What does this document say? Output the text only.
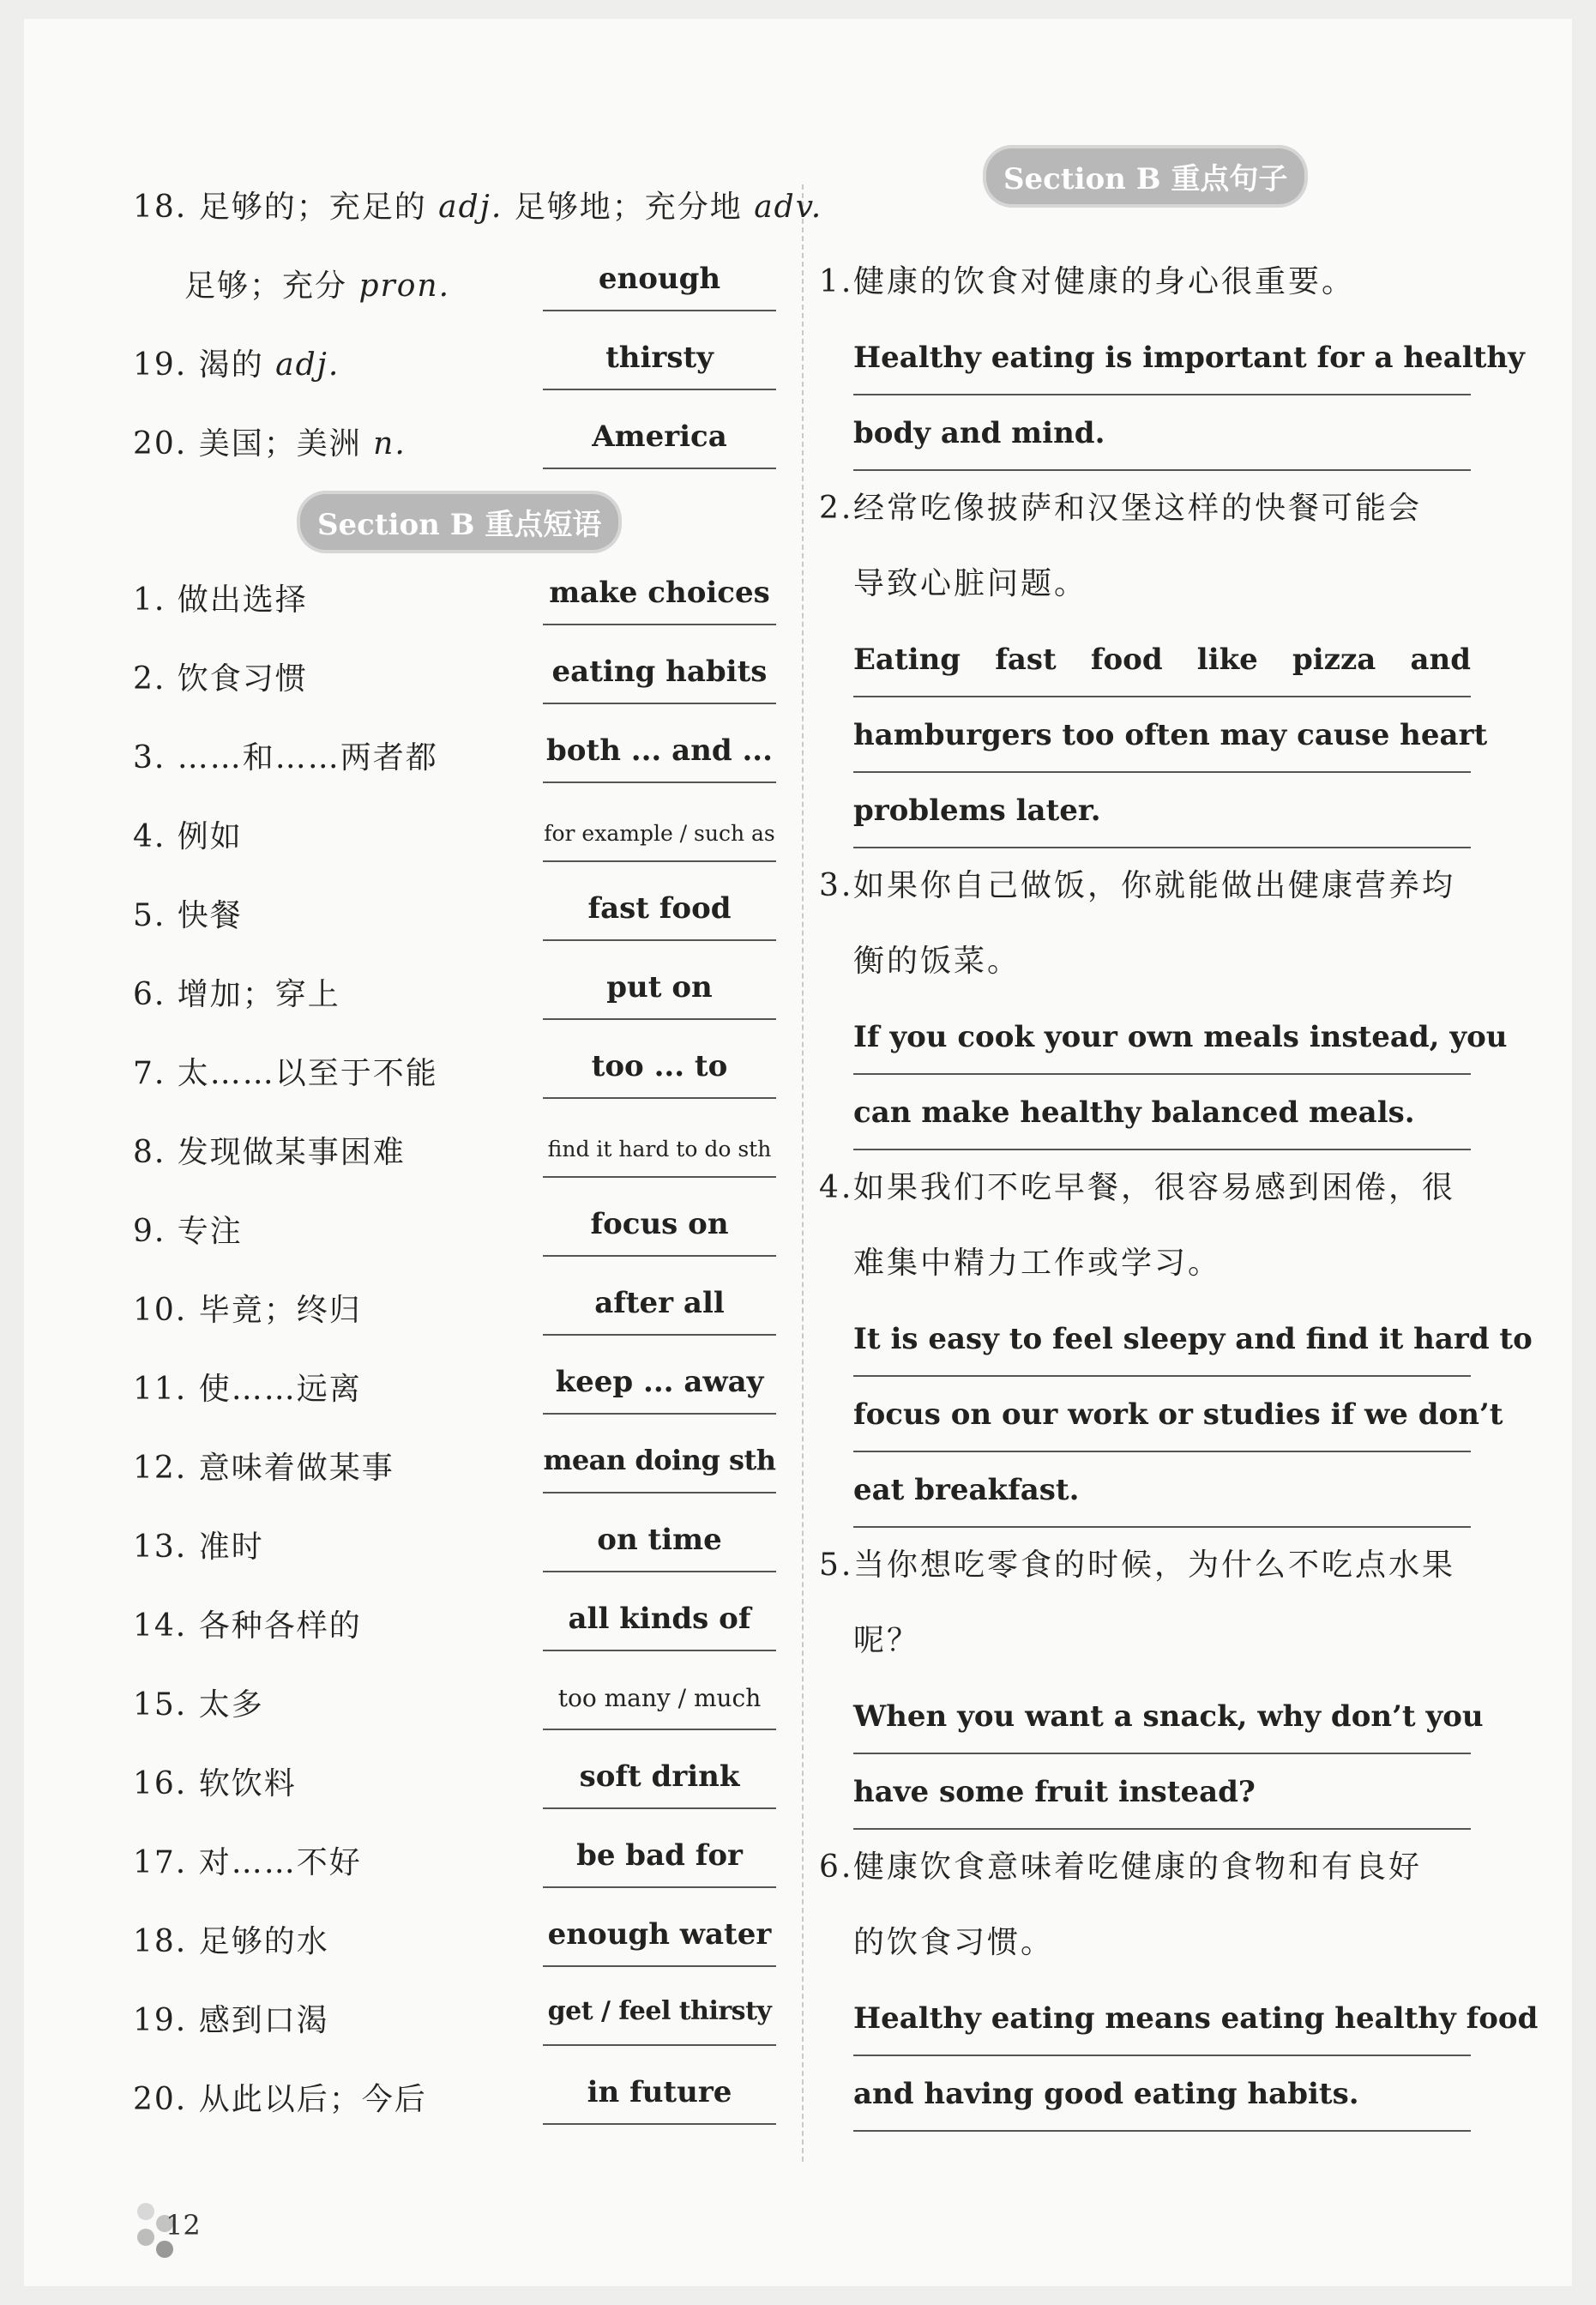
18. 足够的；充足的 adj. 足够地；充分地 adv.
足够；充分 pron.	enough
19. 渴的 adj.	thirsty
20. 美国；美洲 n.	America
Section B 重点短语
1. 做出选择	make choices
2. 饮食习惯	eating habits
3. ……和……两者都	both ... and ...
4. 例如	for example / such as
5. 快餐	fast food
6. 增加；穿上	put on
7. 太……以至于不能	too ... to
8. 发现做某事困难	find it hard to do sth
9. 专注	focus on
10. 毕竟；终归	after all
11. 使……远离	keep ... away
12. 意味着做某事	mean doing sth
13. 准时	on time
14. 各种各样的	all kinds of
15. 太多	too many / much
16. 软饮料	soft drink
17. 对……不好	be bad for
18. 足够的水	enough water
19. 感到口渴	get / feel thirsty
20. 从此以后；今后	in future
Section B 重点句子
1.健康的饮食对健康的身心很重要。
Healthy eating is important for a healthy
body and mind.
2.经常吃像披萨和汉堡这样的快餐可能会
导致心脏问题。
Eating fast food like pizza and
hamburgers too often may cause heart
problems later.
3.如果你自己做饭，你就能做出健康营养均
衡的饭菜。
If you cook your own meals instead, you
can make healthy balanced meals.
4.如果我们不吃早餐，很容易感到困倦，很
难集中精力工作或学习。
It is easy to feel sleepy and find it hard to
focus on our work or studies if we don’t
eat breakfast.
5.当你想吃零食的时候，为什么不吃点水果
呢？
When you want a snack, why don’t you
have some fruit instead?
6.健康饮食意味着吃健康的食物和有良好
的饮食习惯。
Healthy eating means eating healthy food
and having good eating habits.
12
